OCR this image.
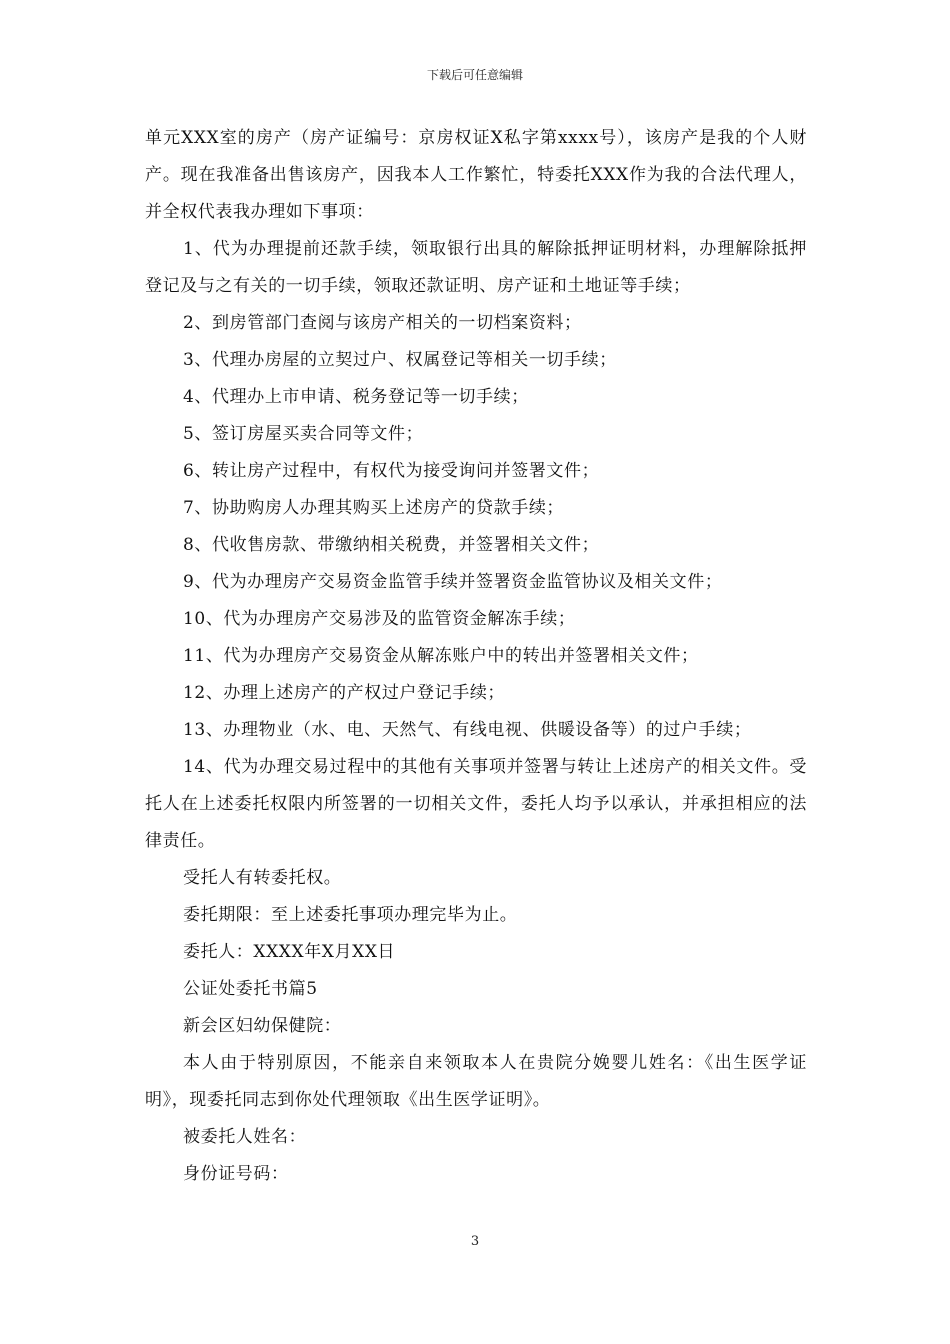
下载后可任意编辑

单元XXX室的房产（房产证编号：京房权证X私字第xxxx号），该房产是我的个人财产。现在我准备出售该房产，因我本人工作繁忙，特委托XXX作为我的合法代理人，并全权代表我办理如下事项：

1、代为办理提前还款手续，领取银行出具的解除抵押证明材料，办理解除抵押登记及与之有关的一切手续，领取还款证明、房产证和土地证等手续；

2、到房管部门查阅与该房产相关的一切档案资料；

3、代理办房屋的立契过户、权属登记等相关一切手续；

4、代理办上市申请、税务登记等一切手续；

5、签订房屋买卖合同等文件；

6、转让房产过程中，有权代为接受询问并签署文件；

7、协助购房人办理其购买上述房产的贷款手续；

8、代收售房款、带缴纳相关税费，并签署相关文件；

9、代为办理房产交易资金监管手续并签署资金监管协议及相关文件；

10、代为办理房产交易涉及的监管资金解冻手续；

11、代为办理房产交易资金从解冻账户中的转出并签署相关文件；

12、办理上述房产的产权过户登记手续；

13、办理物业（水、电、天然气、有线电视、供暖设备等）的过户手续；

14、代为办理交易过程中的其他有关事项并签署与转让上述房产的相关文件。受托人在上述委托权限内所签署的一切相关文件，委托人均予以承认，并承担相应的法律责任。

受托人有转委托权。

委托期限：至上述委托事项办理完毕为止。

委托人：XXXX年X月XX日

公证处委托书篇5

新会区妇幼保健院：

本人由于特别原因，不能亲自来领取本人在贵院分娩婴儿姓名：《出生医学证明》，现委托同志到你处代理领取《出生医学证明》。

被委托人姓名：

身份证号码：

3
